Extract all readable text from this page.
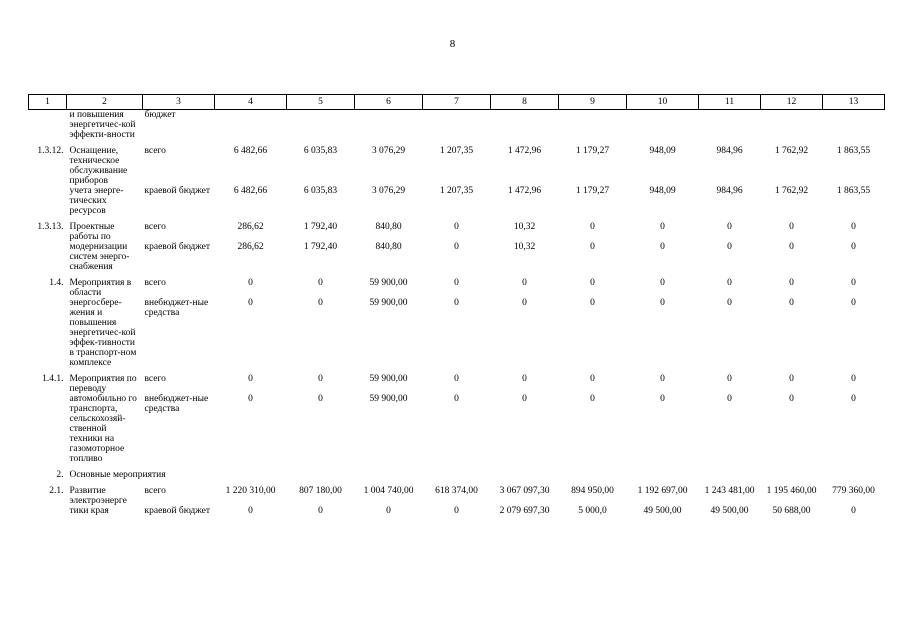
8
1	2	3	4	5	6	7	8	9	10	11	12	13
	и повышения энергетичес-кой эффекти-вности	бюджет										

1.3.12.	Оснащение, техническое обслуживание приборов	всего	6 482,66	6 035,83	3 076,29	1 207,35	1 472,96	1 179,27	948,09	984,96	1 762,92	1 863,55
	учета энерге-тических ресурсов	краевой бюджет	6 482,66	6 035,83	3 076,29	1 207,35	1 472,96	1 179,27	948,09	984,96	1 762,92	1 863,55

1.3.13.	Проектные работы по	всего	286,62	1 792,40	840,80	0	10,32	0	0	0	0	0
	модернизации систем энерго-снабжения	краевой бюджет	286,62	1 792,40	840,80	0	10,32	0	0	0	0	0

1.4.	Мероприятия в области	всего	0	0	59 900,00	0	0	0	0	0	0	0
	энергосбере-жения и повышения энергетичес-кой эффек-тивности в транспорт-ном комплексе	внебюджет-ные средства	0	0	59 900,00	0	0	0	0	0	0	0

1.4.1.	Мероприятия по переводу	всего	0	0	59 900,00	0	0	0	0	0	0	0
	автомобильно го транспорта, сельскохозяй-ственной техники на газомоторное топливо	внебюджет-ные средства	0	0	59 900,00	0	0	0	0	0	0	0

2.	Основные мероприятия											

2.1.	Развитие электроэнерге	всего	1 220 310,00	807 180,00	1 004 740,00	618 374,00	3 067 097,30	894 950,00	1 192 697,00	1 243 481,00	1 195 460,00	779 360,00
	тики края	краевой бюджет	0	0	0	0	2 079 697,30	5 000,0	49 500,00	49 500,00	50 688,00	0
